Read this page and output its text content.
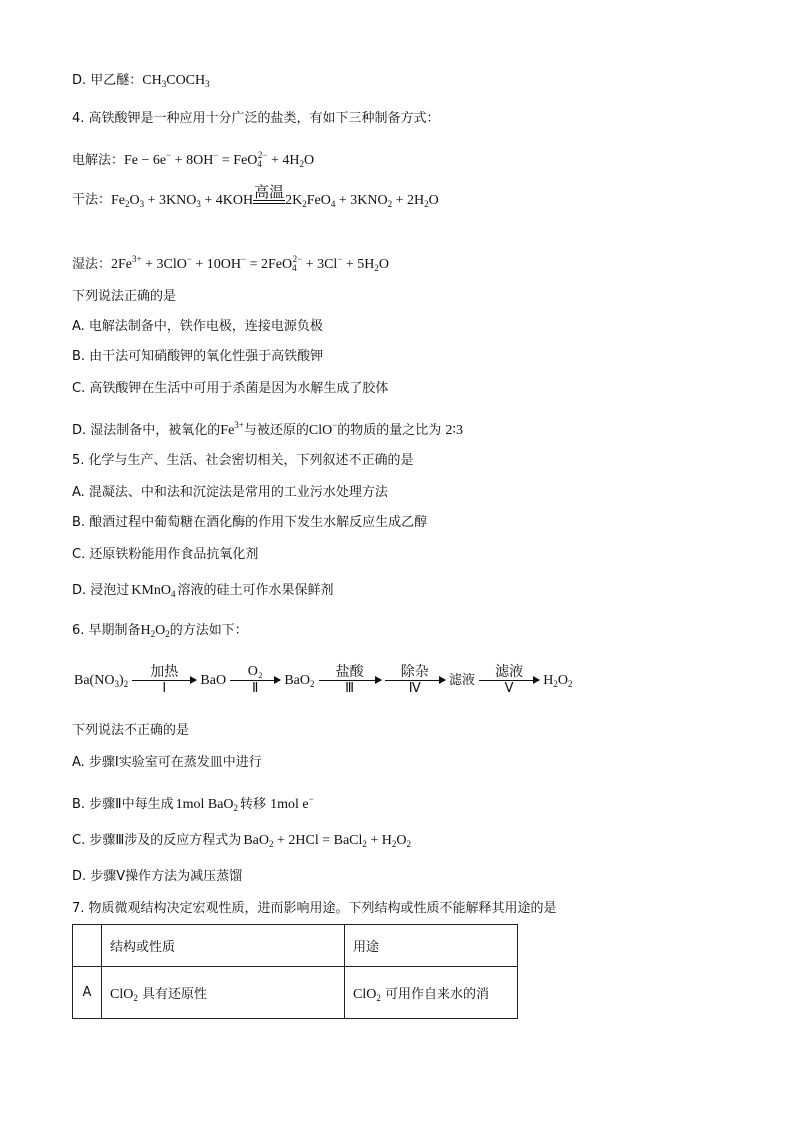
D. 甲乙醚：$CH_3COCH_3$
4. 高铁酸钾是一种应用十分广泛的盐类，有如下三种制备方式：
电解法：$Fe - 6e^- + 8OH^- = FeO_4^{2-} + 4H_2O$
干法：$Fe_2O_3 + 3KNO_3 + 4KOH$ 高温 $2K_2FeO_4 + 3KNO_2 + 2H_2O$
湿法：$2Fe^{3+} + 3ClO^- + 10OH^- = 2FeO_4^{2-} + 3Cl^- + 5H_2O$
下列说法正确的是
A. 电解法制备中，铁作电极，连接电源负极
B. 由干法可知硝酸钾的氧化性强于高铁酸钾
C. 高铁酸钾在生活中可用于杀菌是因为水解生成了胶体
D. 湿法制备中，被氧化的$Fe^{3+}$与被还原的ClO−的物质的量之比为 2∶3
5. 化学与生产、生活、社会密切相关，下列叙述不正确的是
A. 混凝法、中和法和沉淀法是常用的工业污水处理方法
B. 酿酒过程中葡萄糖在酒化酶的作用下发生水解反应生成乙醇
C. 还原铁粉能用作食品抗氧化剂
D. 浸泡过 KMnO$_4$ 溶液的硅土可作水果保鲜剂
6. 早期制备$H_2O_2$的方法如下：
$Ba(NO_3)_2$
加热
Ⅰ
BaO
O₂
Ⅱ
BaO$_2$
盐酸
Ⅲ

除杂
Ⅳ
滤液
滤液
Ⅴ
$H_2O_2$
下列说法不正确的是
A. 步骤Ⅰ实验室可在蒸发皿中进行
B. 步骤Ⅱ中每生成 1mol BaO$_2$ 转移 1mol e−
C. 步骤Ⅲ涉及的反应方程式为 BaO$_2$ + 2HCl = BaCl$_2$ + $H_2O_2$
D. 步骤Ⅴ操作方法为减压蒸馏
7. 物质微观结构决定宏观性质，进而影响用途。下列结构或性质不能解释其用途的是
	结构或性质	用途
A	ClO$_2$ 具有还原性	ClO$_2$ 可用作自来水的消
